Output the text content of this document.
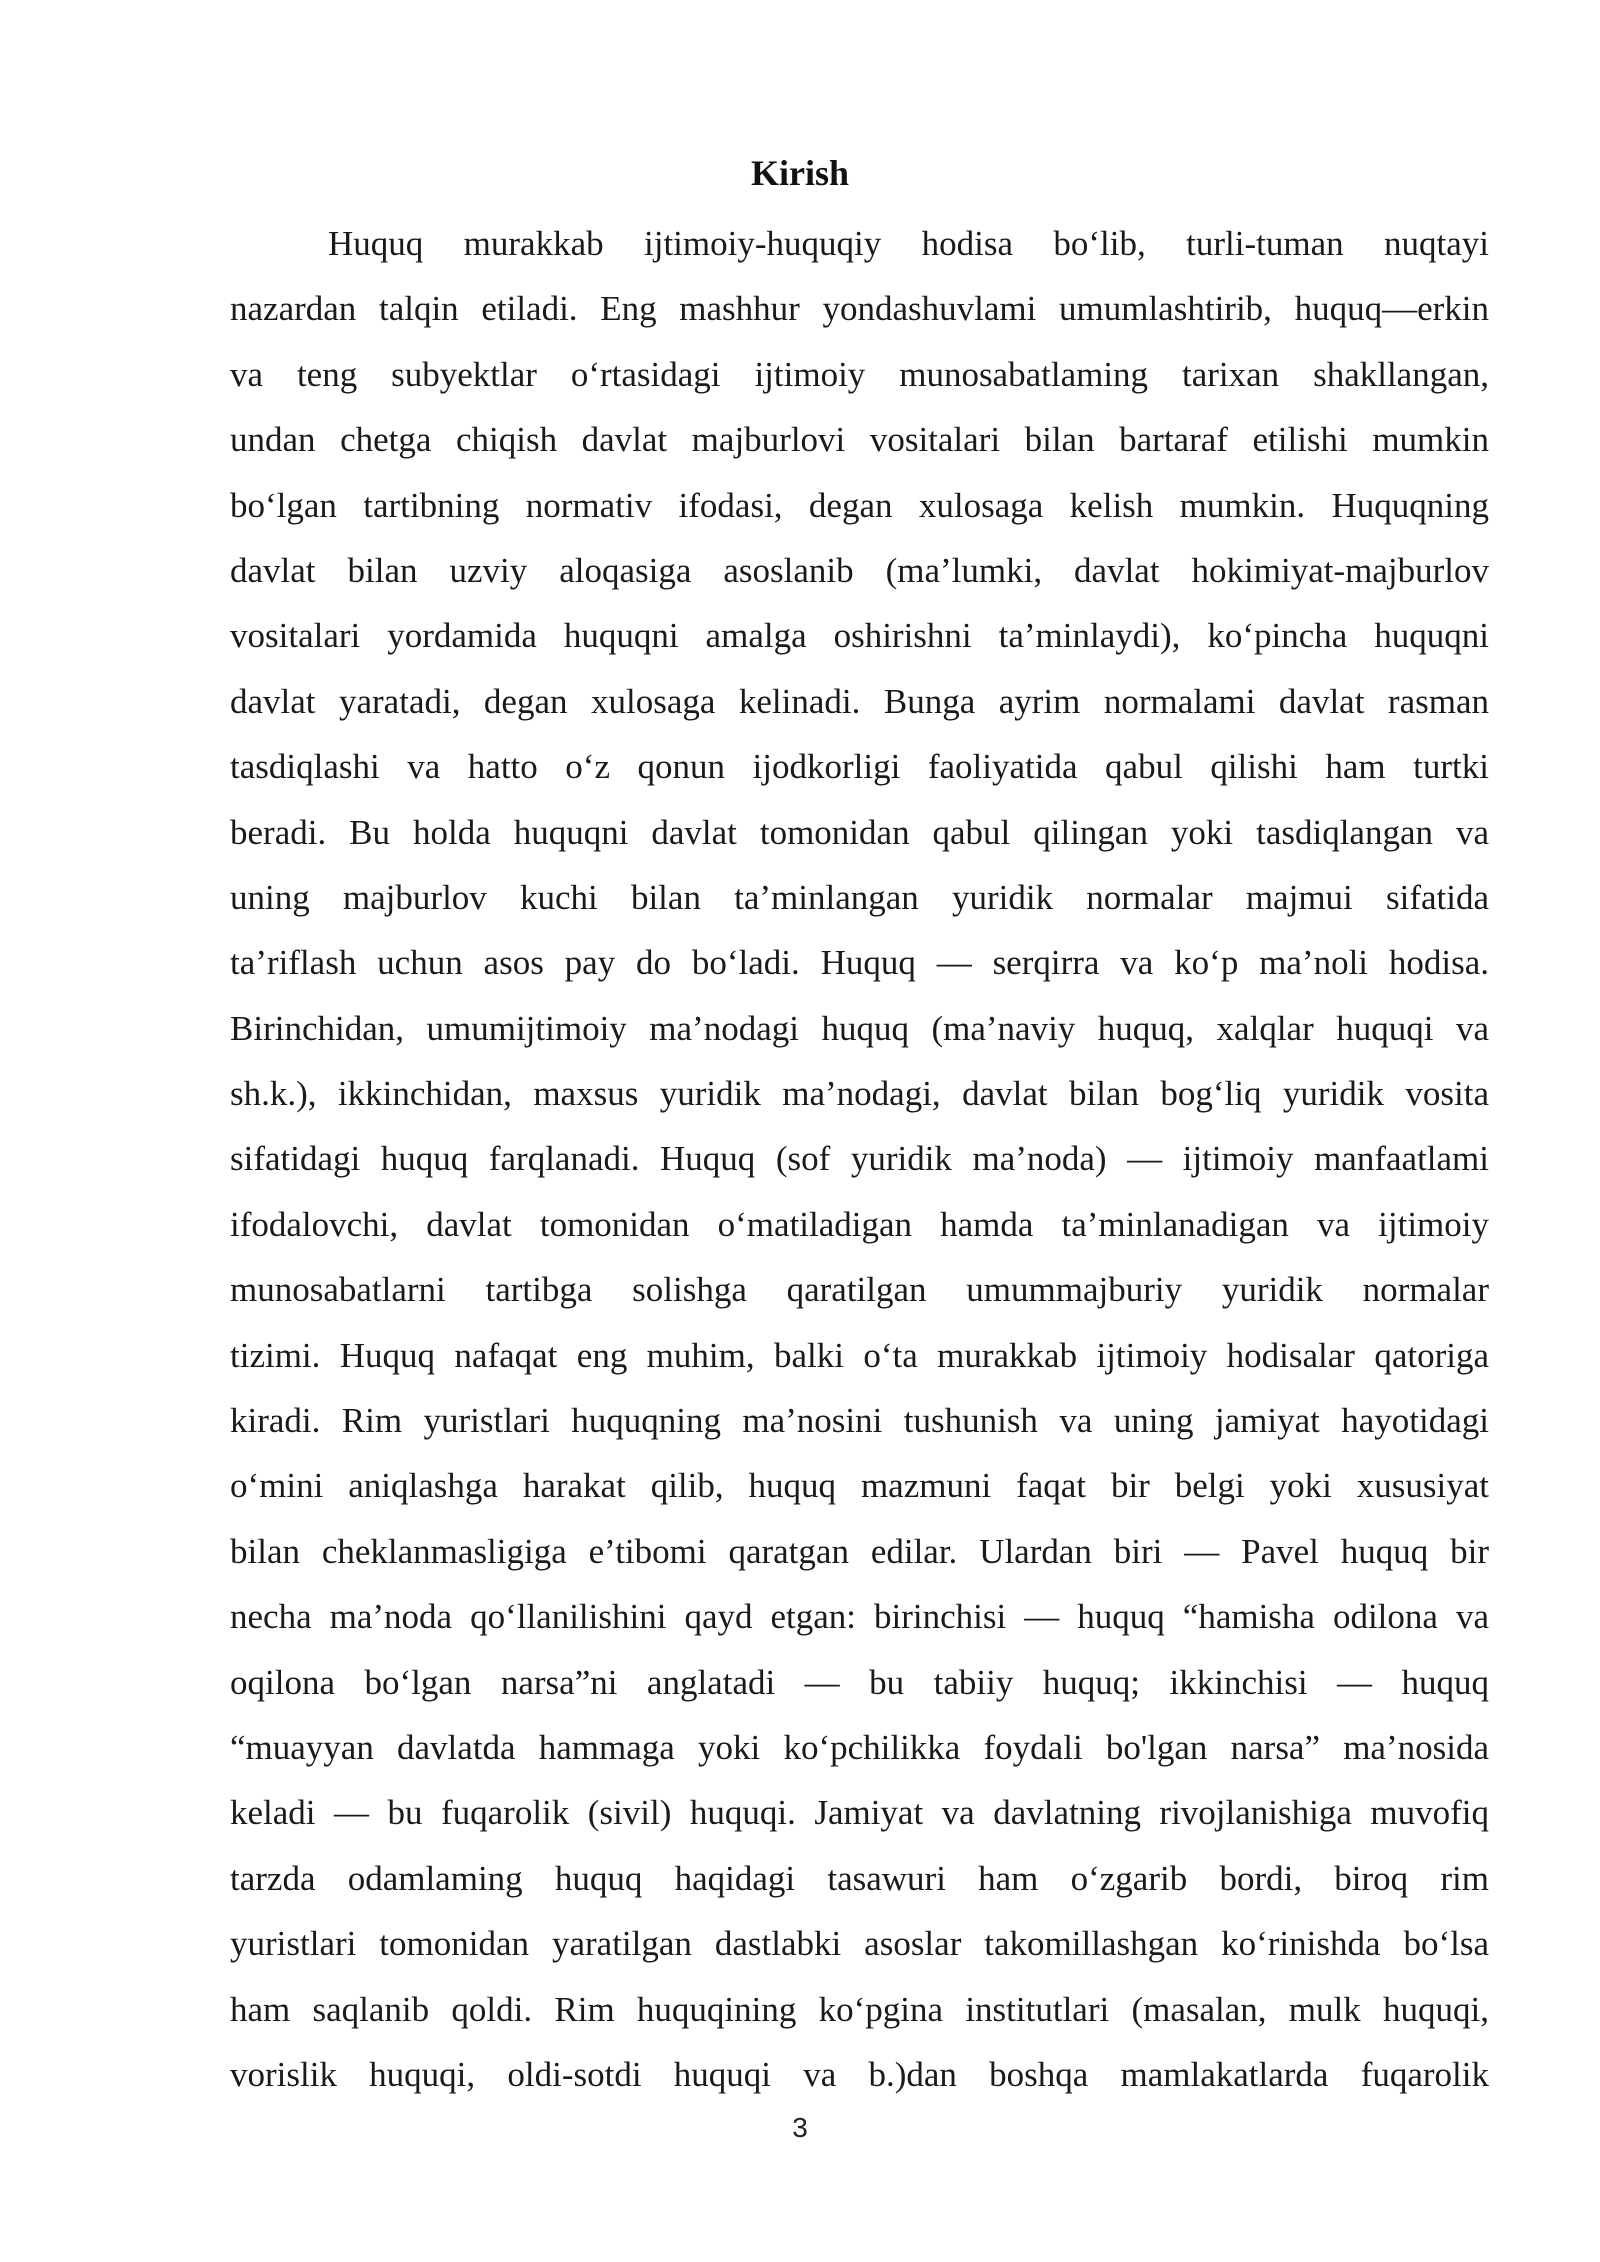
Kirish
Huquq murakkab ijtimoiy-huquqiy hodisa bo‘lib, turli-tuman nuqtayi
nazardan talqin etiladi. Eng mashhur yondashuvlami umumlashtirib, huquq—erkin
va teng subyektlar o‘rtasidagi ijtimoiy munosabatlaming tarixan shakllangan,
undan chetga chiqish davlat majburlovi vositalari bilan bartaraf etilishi mumkin
bo‘lgan tartibning normativ ifodasi, degan xulosaga kelish mumkin. Huquqning
davlat bilan uzviy aloqasiga asoslanib (ma’lumki, davlat hokimiyat-majburlov
vositalari yordamida huquqni amalga oshirishni ta’minlaydi), ko‘pincha huquqni
davlat yaratadi, degan xulosaga kelinadi. Bunga ayrim normalami davlat rasman
tasdiqlashi va hatto o‘z qonun ijodkorligi faoliyatida qabul qilishi ham turtki
beradi. Bu holda huquqni davlat tomonidan qabul qilingan yoki tasdiqlangan va
uning majburlov kuchi bilan ta’minlangan yuridik normalar majmui sifatida
ta’riflash uchun asos pay do bo‘ladi. Huquq — serqirra va ko‘p ma’noli hodisa.
Birinchidan, umumijtimoiy ma’nodagi huquq (ma’naviy huquq, xalqlar huquqi va
sh.k.), ikkinchidan, maxsus yuridik ma’nodagi, davlat bilan bog‘liq yuridik vosita
sifatidagi huquq farqlanadi. Huquq (sof yuridik ma’noda) — ijtimoiy manfaatlami
ifodalovchi, davlat tomonidan o‘matiladigan hamda ta’minlanadigan va ijtimoiy
munosabatlarni tartibga solishga qaratilgan umummajburiy yuridik normalar
tizimi. Huquq nafaqat eng muhim, balki o‘ta murakkab ijtimoiy hodisalar qatoriga
kiradi. Rim yuristlari huquqning ma’nosini tushunish va uning jamiyat hayotidagi
o‘mini aniqlashga harakat qilib, huquq mazmuni faqat bir belgi yoki xususiyat
bilan cheklanmasligiga e’tibomi qaratgan edilar. Ulardan biri — Pavel huquq bir
necha ma’noda qo‘llanilishini qayd etgan: birinchisi — huquq “hamisha odilona va
oqilona bo‘lgan narsa”ni anglatadi — bu tabiiy huquq; ikkinchisi — huquq
“muayyan davlatda hammaga yoki ko‘pchilikka foydali bo'lgan narsa” ma’nosida
keladi — bu fuqarolik (sivil) huquqi. Jamiyat va davlatning rivojlanishiga muvofiq
tarzda odamlaming huquq haqidagi tasawuri ham o‘zgarib bordi, biroq rim
yuristlari tomonidan yaratilgan dastlabki asoslar takomillashgan ko‘rinishda bo‘lsa
ham saqlanib qoldi. Rim huquqining ko‘pgina institutlari (masalan, mulk huquqi,
vorislik huquqi, oldi-sotdi huquqi va b.)dan boshqa mamlakatlarda fuqarolik
3
